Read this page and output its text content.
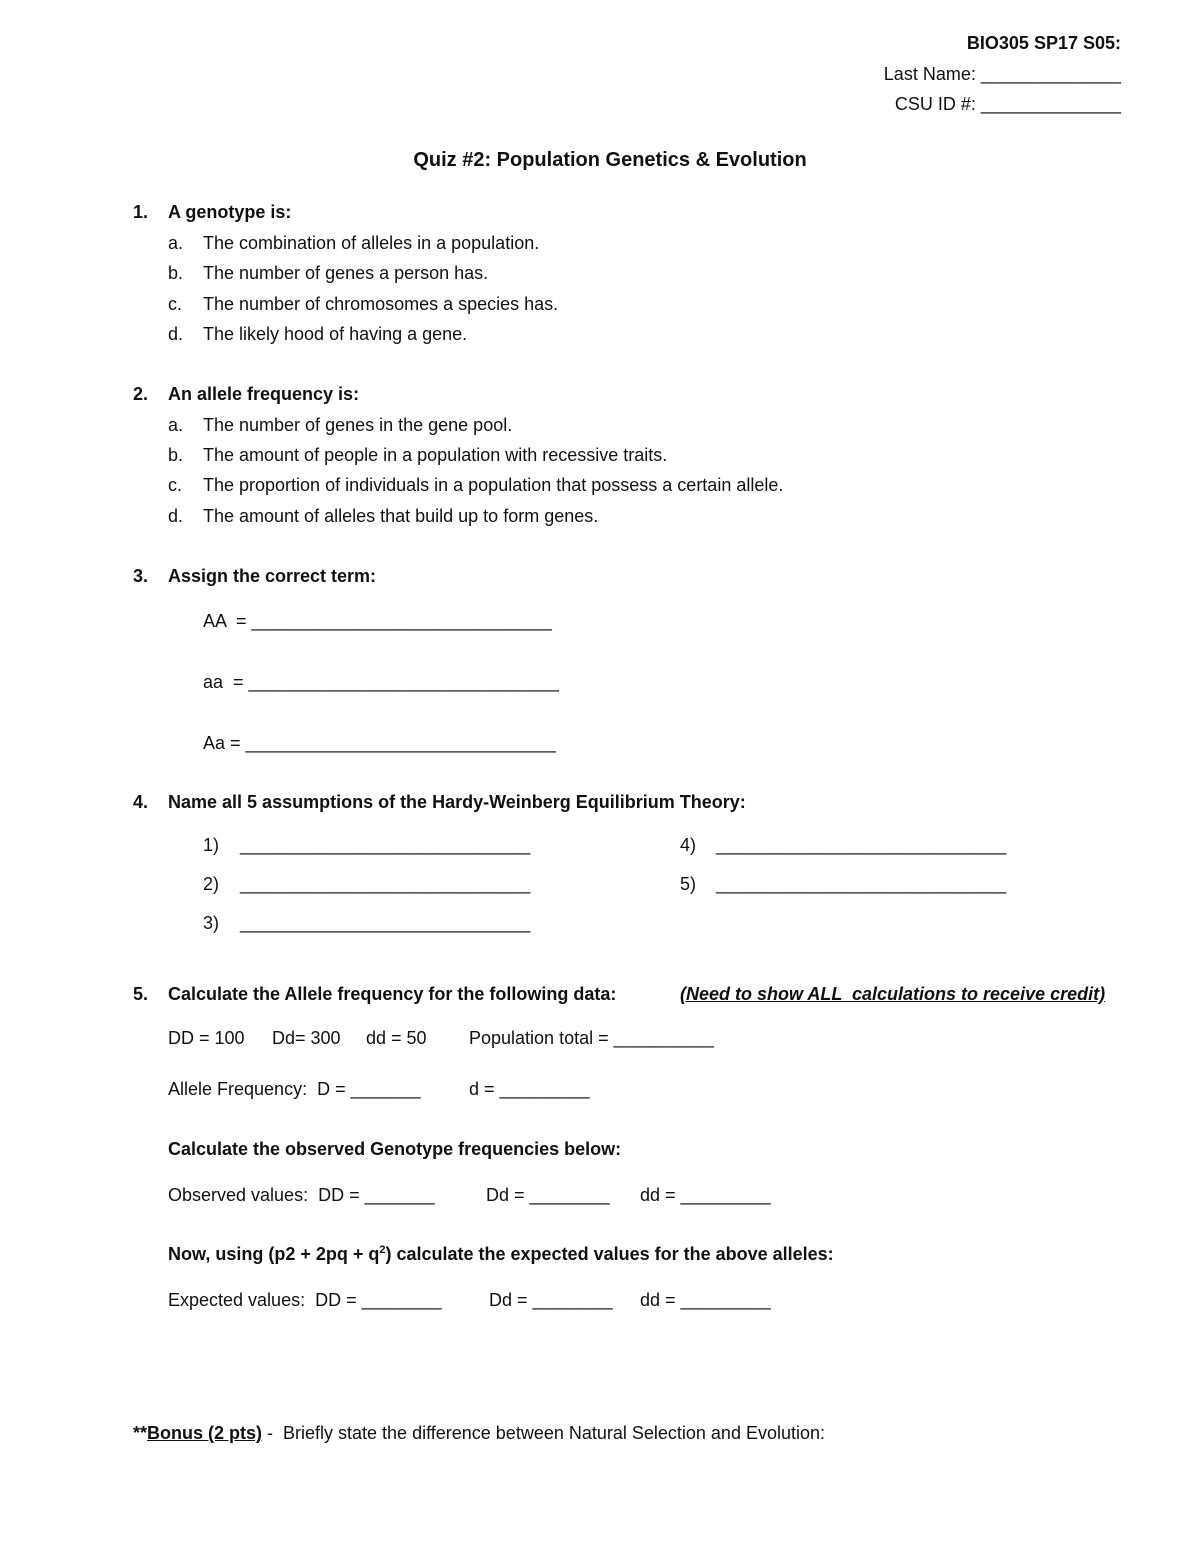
BIO305 SP17 S05:
Last Name: ______________
CSU ID #: ______________
Quiz #2: Population Genetics & Evolution
1.	A genotype is:
a. The combination of alleles in a population.
b. The number of genes a person has.
c. The number of chromosomes a species has.
d. The likely hood of having a gene.
2.	An allele frequency is:
a. The number of genes in the gene pool.
b. The amount of people in a population with recessive traits.
c. The proportion of individuals in a population that possess a certain allele.
d. The amount of alleles that build up to form genes.
3.	Assign the correct term:
AA  = ______________________________
aa  = _______________________________
Aa = _______________________________
4.	Name all 5 assumptions of the Hardy-Weinberg Equilibrium Theory:
1) _____________________________
2) _____________________________
3) _____________________________
4) _____________________________
5) _____________________________
5.	Calculate the Allele frequency for the following data:	(Need to show ALL  calculations to receive credit)
DD = 100 Dd= 300 dd = 50 Population total = __________
Allele Frequency:  D = _______	d = _________
Calculate the observed Genotype frequencies below:
Observed values:  DD = _______	Dd = ________ dd = _________
Now, using $(p2 + 2pq + q^2)$ calculate the expected values for the above alleles:
Expected values:  DD = ________	Dd = ________ dd = _________
**Bonus (2 pts) -  Briefly state the difference between Natural Selection and Evolution:
